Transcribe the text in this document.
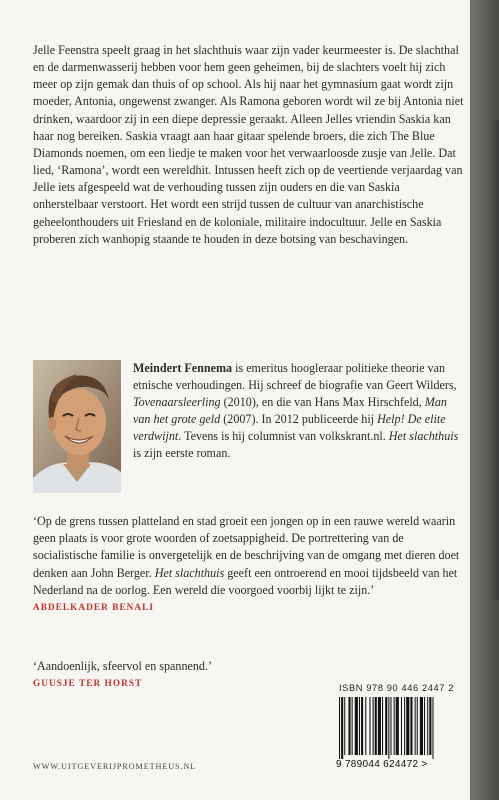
Jelle Feenstra speelt graag in het slachthuis waar zijn vader keurmeester is. De slachthal en de darmenwasserij hebben voor hem geen geheimen, bij de slachters voelt hij zich meer op zijn gemak dan thuis of op school. Als hij naar het gymnasium gaat wordt zijn moeder, Antonia, ongewenst zwanger. Als Ramona geboren wordt wil ze bij Antonia niet drinken, waardoor zij in een diepe depressie geraakt. Alleen Jelles vriendin Saskia kan haar nog bereiken. Saskia vraagt aan haar gitaar spelende broers, die zich The Blue Diamonds noemen, om een liedje te maken voor het verwaarloosde zusje van Jelle. Dat lied, ‘Ramona’, wordt een wereldhit. Intussen heeft zich op de veertiende verjaardag van Jelle iets afgespeeld wat de verhouding tussen zijn ouders en die van Saskia onherstelbaar verstoort. Het wordt een strijd tussen de cultuur van anarchistische geheelonthouders uit Friesland en de koloniale, militaire indocultuur. Jelle en Saskia proberen zich wanhopig staande te houden in deze botsing van beschavingen.

Meindert Fennema is emeritus hoogleraar politieke theorie van etnische verhoudingen. Hij schreef de biografie van Geert Wilders, Tovenaarsleerling (2010), en die van Hans Max Hirschfeld, Man van het grote geld (2007). In 2012 publiceerde hij Help! De elite verdwijnt. Tevens is hij columnist van volkskrant.nl. Het slachthuis is zijn eerste roman.

‘Op de grens tussen platteland en stad groeit een jongen op in een rauwe wereld waarin geen plaats is voor grote woorden of zoetsappigheid. De portrettering van de socialistische familie is onvergetelijk en de beschrijving van de omgang met dieren doet denken aan John Berger. Het slachthuis geeft een ontroerend en mooi tijdsbeeld van het Nederland na de oorlog. Een wereld die voorgoed voorbij lijkt te zijn.’

ABDELKADER BENALI

‘Aandoenlijk, sfeervol en spannend.’

GUUSJE TER HORST	ISBN 978 90 446 2447 2
9 789044 624472 >
WWW.UITGEVERIJPROMETHEUS.NL
